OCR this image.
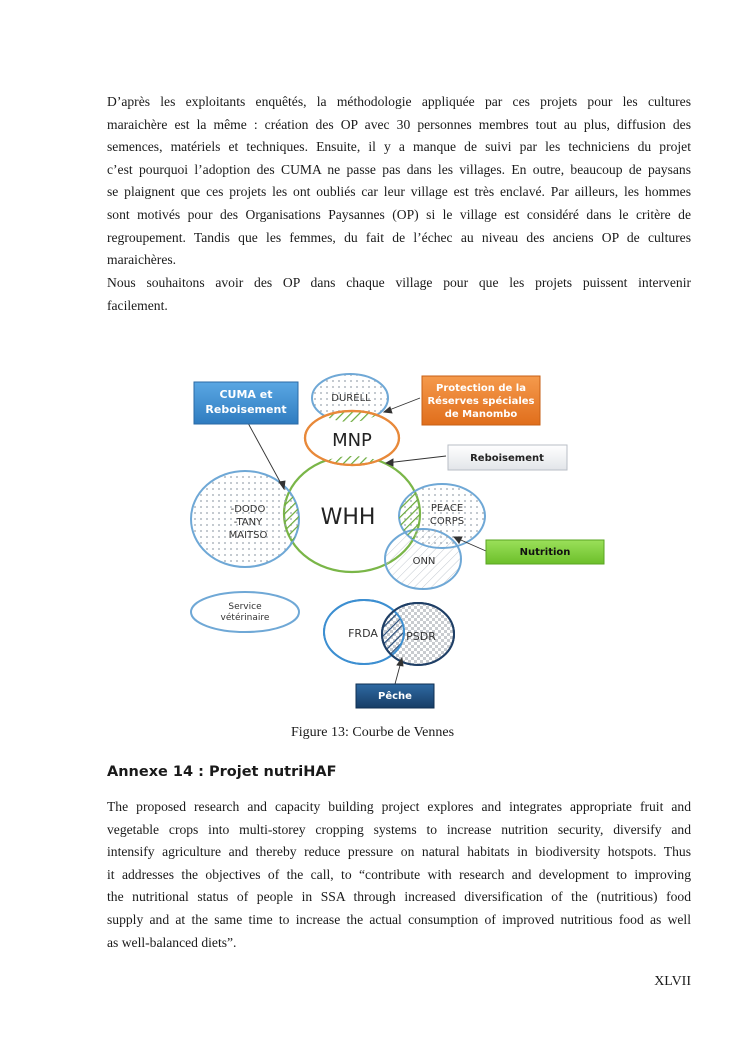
D’après les exploitants enquêtés, la méthodologie appliquée par ces projets pour les cultures
maraichère est la même : création des OP avec 30 personnes membres tout au plus, diffusion des
semences, matériels et techniques. Ensuite, il y a manque de suivi par les techniciens du projet
c’est pourquoi l’adoption des CUMA ne passe pas dans les villages. En outre, beaucoup de paysans
se plaignent que ces projets les ont oubliés car leur village est très enclavé. Par ailleurs, les hommes
sont motivés pour des Organisations Paysannes (OP) si le village est considéré dans le critère de
regroupement. Tandis que les femmes, du fait de l’échec au niveau des anciens OP de cultures
maraichères.

Nous souhaitons avoir des OP dans chaque village pour que les projets puissent intervenir
facilement.

DURELL
-DODO
-TANY
MAITSO
ONN
PEACE
CORPS
MNP
WHH
Service
vétérinaire
FRDA	PSDR
CUMA et
Reboisement
Protection de la
Réserves spéciales
de Manombo
Reboisement
Nutrition
Pêche
Figure 13: Courbe de Vennes
Annexe 14 : Projet nutriHAF

The proposed research and capacity building project explores and integrates appropriate fruit and
vegetable crops into multi-storey cropping systems to increase nutrition security, diversify and
intensify agriculture and thereby reduce pressure on natural habitats in biodiversity hotspots. Thus
it addresses the objectives of the call, to “contribute with research and development to improving
the nutritional status of people in SSA through increased diversification of the (nutritious) food
supply and at the same time to increase the actual consumption of improved nutritious food as well
as well-balanced diets”.

XLVII
